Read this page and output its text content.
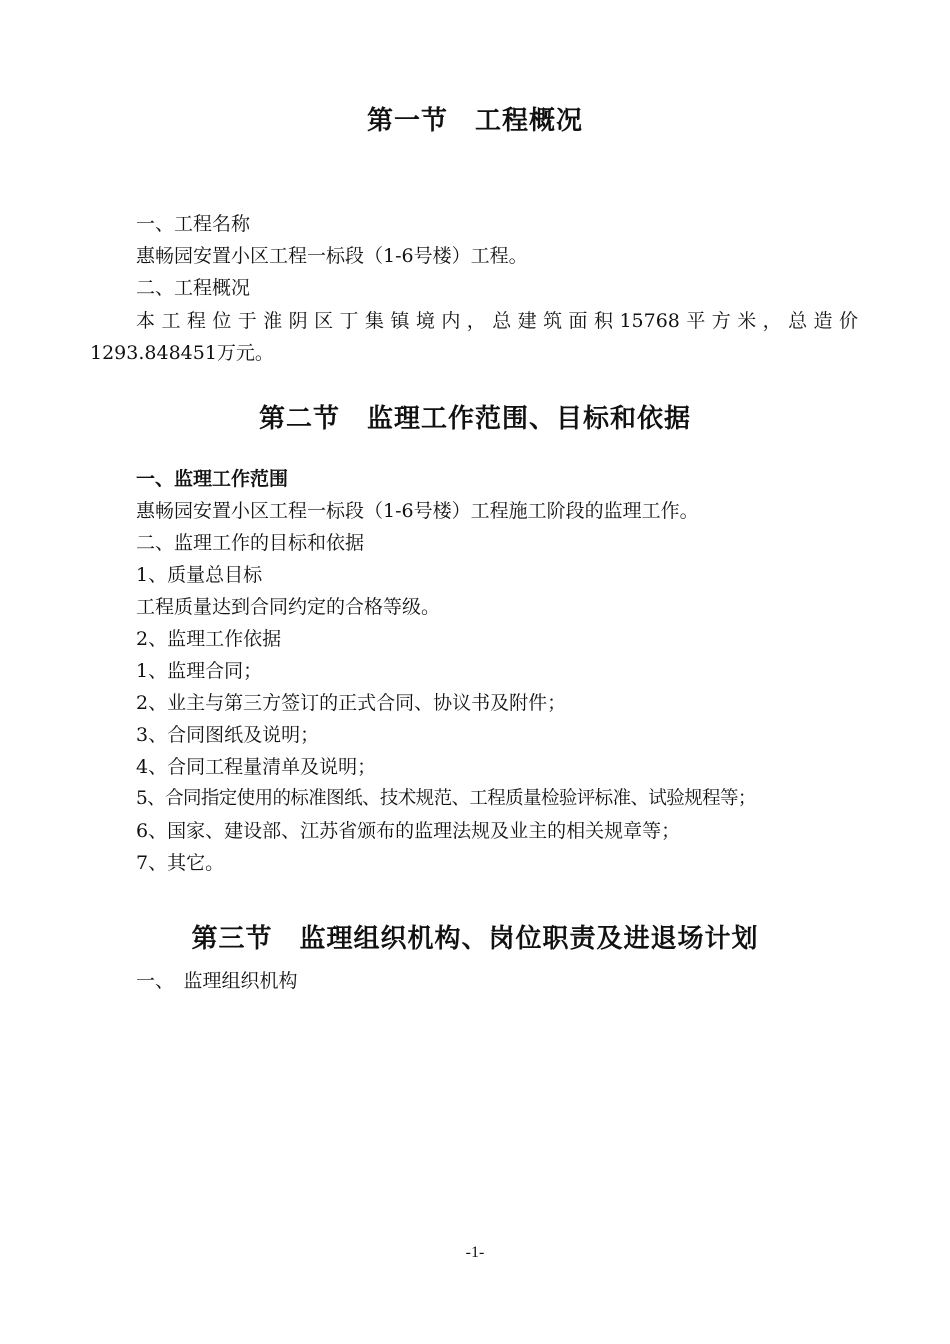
第一节　工程概况
一、工程名称
惠畅园安置小区工程一标段（1-6号楼）工程。
二、工程概况
本工程位于淮阴区丁集镇境内，总建筑面积15768平方米，总造价
1293.848451万元。
第二节　监理工作范围、目标和依据
一、监理工作范围
惠畅园安置小区工程一标段（1-6号楼）工程施工阶段的监理工作。
二、监理工作的目标和依据
1、质量总目标
工程质量达到合同约定的合格等级。
2、监理工作依据
1、监理合同；
2、业主与第三方签订的正式合同、协议书及附件；
3、合同图纸及说明；
4、合同工程量清单及说明；
5、合同指定使用的标准图纸、技术规范、工程质量检验评标准、试验规程等；
6、国家、建设部、江苏省颁布的监理法规及业主的相关规章等；
7、其它。
第三节　监理组织机构、岗位职责及进退场计划
一、　监理组织机构
-1-
